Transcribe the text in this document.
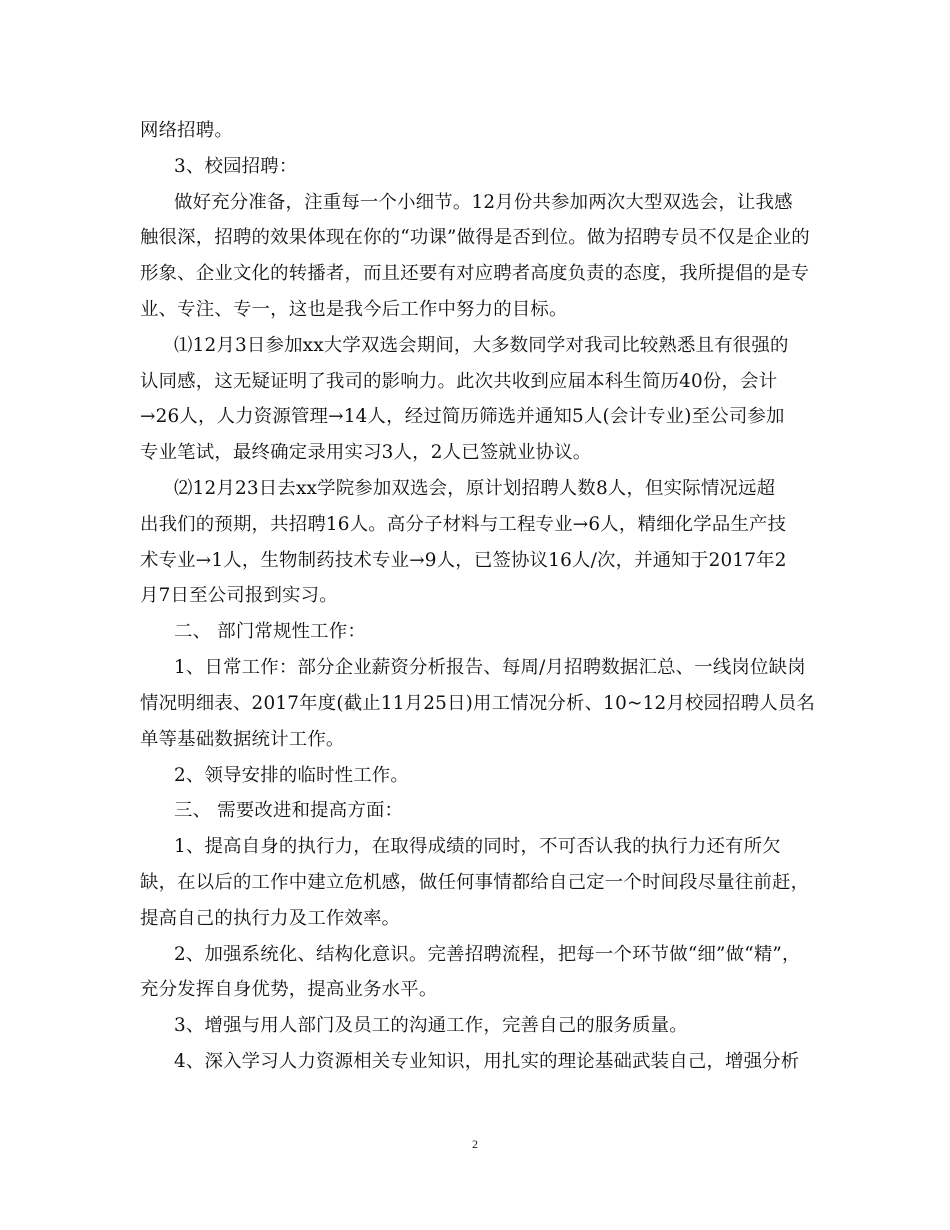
网络招聘。
3、校园招聘：
做好充分准备，注重每一个小细节。12月份共参加两次大型双选会，让我感
触很深，招聘的效果体现在你的“功课”做得是否到位。做为招聘专员不仅是企业的
形象、企业文化的转播者，而且还要有对应聘者高度负责的态度，我所提倡的是专
业、专注、专一，这也是我今后工作中努力的目标。
⑴12月3日参加xx大学双选会期间，大多数同学对我司比较熟悉且有很强的
认同感，这无疑证明了我司的影响力。此次共收到应届本科生简历40份，会计
→26人，人力资源管理→14人，经过简历筛选并通知5人(会计专业)至公司参加
专业笔试，最终确定录用实习3人，2人已签就业协议。
⑵12月23日去xx学院参加双选会，原计划招聘人数8人，但实际情况远超
出我们的预期，共招聘16人。高分子材料与工程专业→6人，精细化学品生产技
术专业→1人，生物制药技术专业→9人，已签协议16人/次，并通知于2017年2
月7日至公司报到实习。
二、 部门常规性工作：
1、日常工作：部分企业薪资分析报告、每周/月招聘数据汇总、一线岗位缺岗
情况明细表、2017年度(截止11月25日)用工情况分析、10~12月校园招聘人员名
单等基础数据统计工作。
2、领导安排的临时性工作。
三、 需要改进和提高方面：
1、提高自身的执行力，在取得成绩的同时，不可否认我的执行力还有所欠
缺，在以后的工作中建立危机感，做任何事情都给自己定一个时间段尽量往前赶，
提高自己的执行力及工作效率。
2、加强系统化、结构化意识。完善招聘流程，把每一个环节做“细”做“精”，
充分发挥自身优势，提高业务水平。
3、增强与用人部门及员工的沟通工作，完善自己的服务质量。
4、深入学习人力资源相关专业知识，用扎实的理论基础武装自己，增强分析
2
